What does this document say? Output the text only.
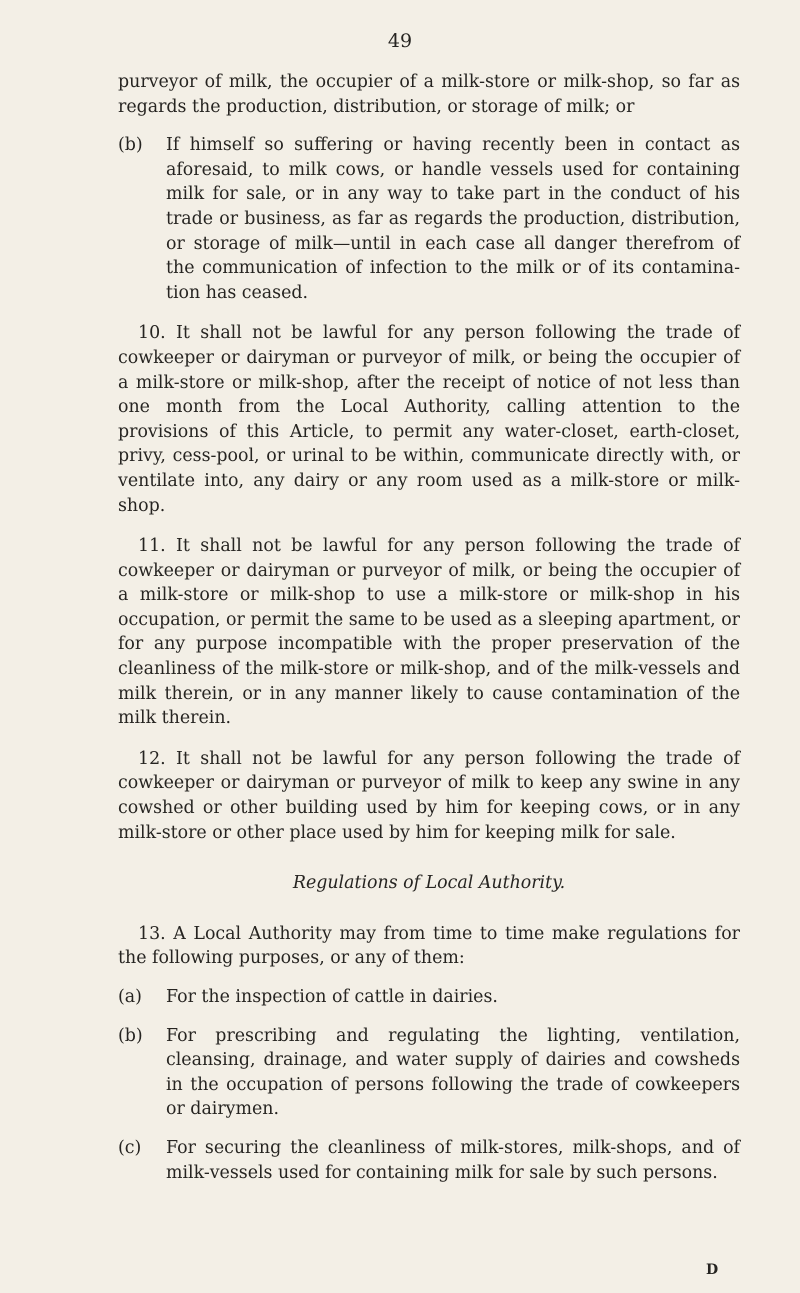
49

purveyor of milk, the occupier of a milk-store or milk-shop, so far as regards the production, distribution, or storage of milk; or

(b) If himself so suffering or having recently been in contact as aforesaid, to milk cows, or handle vessels used for containing milk for sale, or in any way to take part in the conduct of his trade or business, as far as regards the production, distribution, or storage of milk—until in each case all danger therefrom of the communication of infection to the milk or of its contamina-tion has ceased.

10. It shall not be lawful for any person following the trade of cowkeeper or dairyman or purveyor of milk, or being the occupier of a milk-store or milk-shop, after the receipt of notice of not less than one month from the Local Authority, calling attention to the provisions of this Article, to permit any water-closet, earth-closet, privy, cess-pool, or urinal to be within, communicate directly with, or ventilate into, any dairy or any room used as a milk-store or milk-shop.

11. It shall not be lawful for any person following the trade of cowkeeper or dairyman or purveyor of milk, or being the occupier of a milk-store or milk-shop to use a milk-store or milk-shop in his occupation, or permit the same to be used as a sleeping apartment, or for any purpose incompatible with the proper preservation of the cleanliness of the milk-store or milk-shop, and of the milk-vessels and milk therein, or in any manner likely to cause contamination of the milk therein.

12. It shall not be lawful for any person following the trade of cowkeeper or dairyman or purveyor of milk to keep any swine in any cowshed or other building used by him for keeping cows, or in any milk-store or other place used by him for keeping milk for sale.

Regulations of Local Authority.

13. A Local Authority may from time to time make regulations for the following purposes, or any of them:

(a) For the inspection of cattle in dairies.

(b) For prescribing and regulating the lighting, ventilation, cleansing, drainage, and water supply of dairies and cowsheds in the occupation of persons following the trade of cowkeepers or dairymen.

(c) For securing the cleanliness of milk-stores, milk-shops, and of milk-vessels used for containing milk for sale by such persons.

D
